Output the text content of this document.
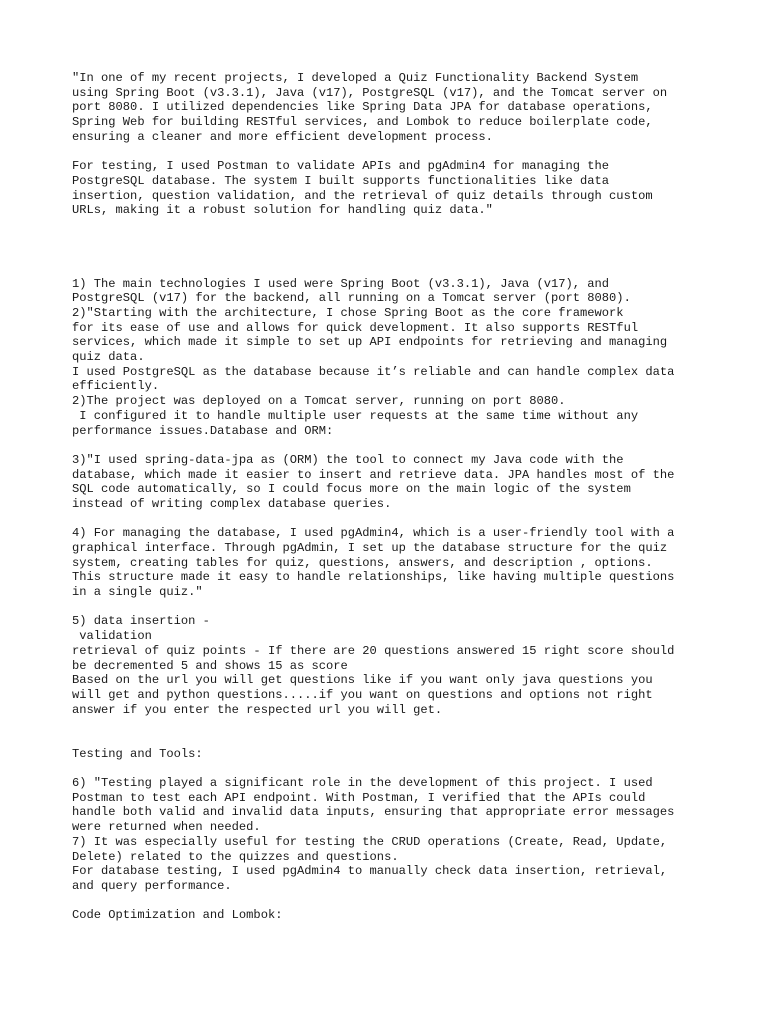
"In one of my recent projects, I developed a Quiz Functionality Backend System
using Spring Boot (v3.3.1), Java (v17), PostgreSQL (v17), and the Tomcat server on
port 8080. I utilized dependencies like Spring Data JPA for database operations,
Spring Web for building RESTful services, and Lombok to reduce boilerplate code,
ensuring a cleaner and more efficient development process.
For testing, I used Postman to validate APIs and pgAdmin4 for managing the
PostgreSQL database. The system I built supports functionalities like data
insertion, question validation, and the retrieval of quiz details through custom
URLs, making it a robust solution for handling quiz data."
1) The main technologies I used were Spring Boot (v3.3.1), Java (v17), and
PostgreSQL (v17) for the backend, all running on a Tomcat server (port 8080).
2)"Starting with the architecture, I chose Spring Boot as the core framework
for its ease of use and allows for quick development. It also supports RESTful
services, which made it simple to set up API endpoints for retrieving and managing
quiz data.
I used PostgreSQL as the database because it’s reliable and can handle complex data
efficiently.
2)The project was deployed on a Tomcat server, running on port 8080.
I configured it to handle multiple user requests at the same time without any
performance issues.Database and ORM:
3)"I used spring-data-jpa as (ORM) the tool to connect my Java code with the
database, which made it easier to insert and retrieve data. JPA handles most of the
SQL code automatically, so I could focus more on the main logic of the system
instead of writing complex database queries.
4) For managing the database, I used pgAdmin4, which is a user-friendly tool with a
graphical interface. Through pgAdmin, I set up the database structure for the quiz
system, creating tables for quiz, questions, answers, and description , options.
This structure made it easy to handle relationships, like having multiple questions
in a single quiz."
5) data insertion -
validation
retrieval of quiz points - If there are 20 questions answered 15 right score should
be decremented 5 and shows 15 as score
Based on the url you will get questions like if you want only java questions you
will get and python questions.....if you want on questions and options not right
answer if you enter the respected url you will get.
Testing and Tools:
6) "Testing played a significant role in the development of this project. I used
Postman to test each API endpoint. With Postman, I verified that the APIs could
handle both valid and invalid data inputs, ensuring that appropriate error messages
were returned when needed.
7) It was especially useful for testing the CRUD operations (Create, Read, Update,
Delete) related to the quizzes and questions.
For database testing, I used pgAdmin4 to manually check data insertion, retrieval,
and query performance.
Code Optimization and Lombok:
